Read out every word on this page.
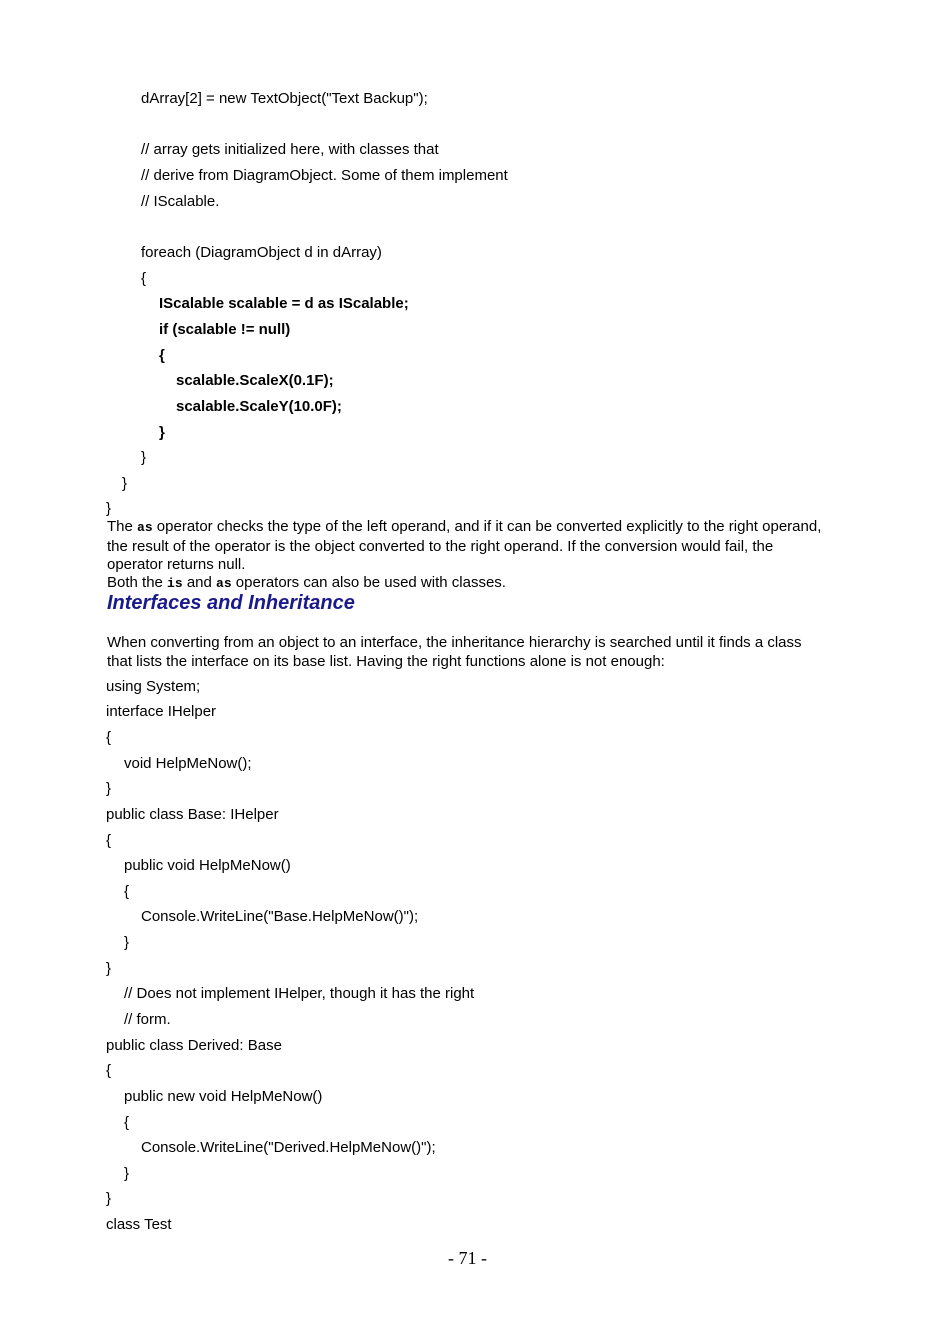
dArray[2] = new TextObject("Text Backup");
// array gets initialized here, with classes that
// derive from DiagramObject. Some of them implement
// IScalable.
foreach (DiagramObject d in dArray)
{
IScalable scalable = d as IScalable;
if (scalable != null)
{
scalable.ScaleX(0.1F);
scalable.ScaleY(10.0F);
}
}
}
}
The as operator checks the type of the left operand, and if it can be converted explicitly to the right operand, the result of the operator is the object converted to the right operand. If the conversion would fail, the operator returns null.
Both the is and as operators can also be used with classes.
Interfaces and Inheritance
When converting from an object to an interface, the inheritance hierarchy is searched until it finds a class that lists the interface on its base list. Having the right functions alone is not enough:
using System;
interface IHelper
{
void HelpMeNow();
}
public class Base: IHelper
{
public void HelpMeNow()
{
Console.WriteLine("Base.HelpMeNow()");
}
}
// Does not implement IHelper, though it has the right
// form.
public class Derived: Base
{
public new void HelpMeNow()
{
Console.WriteLine("Derived.HelpMeNow()");
}
}
class Test
- 71 -
